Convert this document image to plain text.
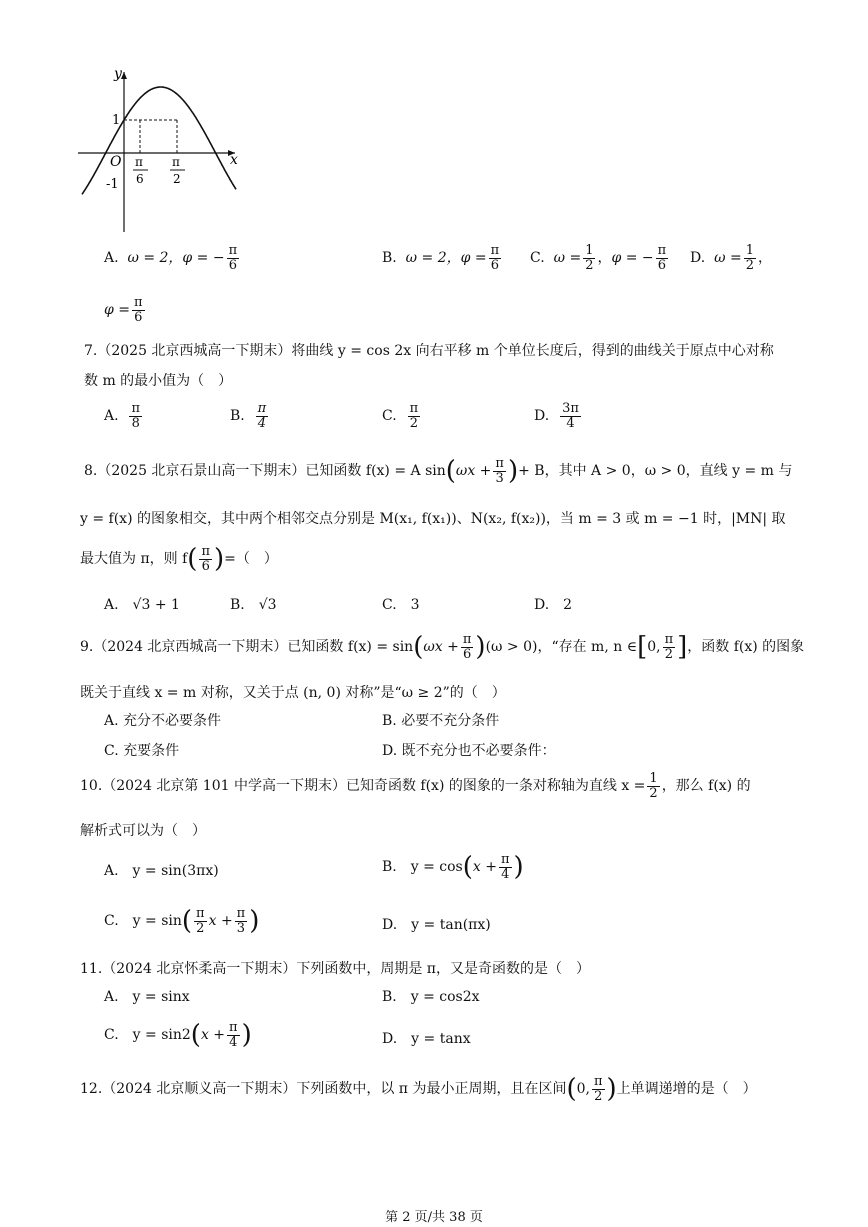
y
x
O
1
-1
π
6
π
2
A. ω = 2，φ = − $\frac{\pi}{6}$	B. ω = 2，$\varphi = \frac{\pi}{6} C$. $\omega = \frac{1}{2}$ ，φ = − $\frac{\pi}{6} D$. $\omega = \frac{1}{2}$ ，
$\varphi = \frac{\pi}{6}$
7.（2025 北京西城高一下期末）将曲线 y = cos 2x 向右平移 m 个单位长度后，得到的曲线关于原点中心对称
数 m 的最小值为（　）
A. $\frac{\pi}{8}$	B. $\frac{\pi}{4}$	C. $\frac{\pi}{2}$	D. $\frac{3\pi}{4}$
8.（2025 北京石景山高一下期末）已知函数 f(x) = A $\sin(\omega x + \frac{\pi}{3}$ )+ B，其中 A > 0，ω > 0，直线 y = m 与
y = f(x) 的图象相交，其中两个相邻交点分别是 M(x₁, f(x₁))、N(x₂, f(x₂))，当 m = 3 或 m = −1 时，|MN| 取
最大值为 π，则 $f( \frac{\pi}{6}$ )=（　）
A.　√3 + 1	B.　√3	C.　3	D.　2
9.（2024 北京西城高一下期末）已知函数 $f(x) = \sin(\omega x + \frac{\pi}{6} )(\omega > 0)$，“存在 m, n ∈[0, $\frac{\pi}{2}$ ]，函数 f(x) 的图象
既关于直线 x = m 对称，又关于点 (n, 0) 对称”是“ω ≥ 2”的（　）
A. 充分不必要条件	B. 必要不充分条件
C. 充要条件	D. 既不充分也不必要条件：
10.（2024 北京第 101 中学高一下期末）已知奇函数 f(x) 的图象的一条对称轴为直线 $x = \frac{1}{2}$ ，那么 f(x) 的
解析式可以为（　）
A.　y = sin(3πx)	B.　$y = \cos(x + \frac{\pi}{4}$ )
C.　$y = \sin( \frac{\pi}{2}$ $x + \frac{\pi}{3}$ )	D.　y = tan(πx)
11.（2024 北京怀柔高一下期末）下列函数中，周期是 π，又是奇函数的是（　）
A.　y = sinx	B.　y = cos2x
C.　$y = \sin 2(x + \frac{\pi}{4}$ )	D.　y = tanx
12.（2024 北京顺义高一下期末）下列函数中，以 π 为最小正周期，且在区间(0, $\frac{\pi}{2}$ )上单调递增的是（　）
第 2 页/共 38 页
